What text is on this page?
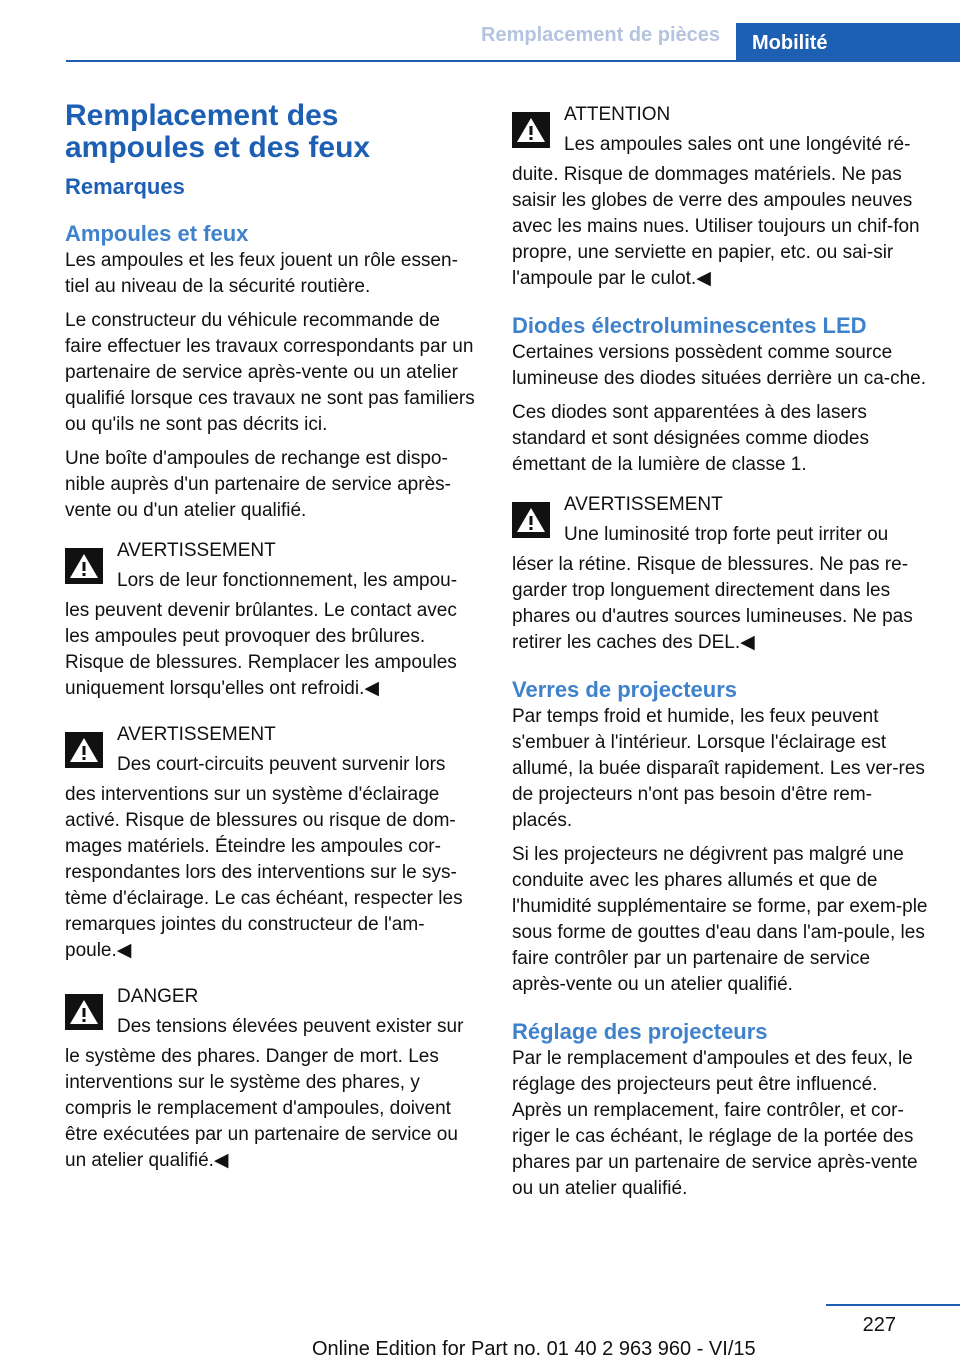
Remplacement de pièces	Mobilité
Remplacement des ampoules et des feux
Remarques
Ampoules et feux

Les ampoules et les feux jouent un rôle essen-tiel au niveau de la sécurité routière.

Le constructeur du véhicule recommande de faire effectuer les travaux correspondants par un partenaire de service après-vente ou un atelier qualifié lorsque ces travaux ne sont pas familiers ou qu'ils ne sont pas décrits ici.

Une boîte d'ampoules de rechange est dispo-nible auprès d'un partenaire de service après-vente ou d'un atelier qualifié.

AVERTISSEMENT
Lors de leur fonctionnement, les ampou-
les peuvent devenir brûlantes. Le contact avec les ampoules peut provoquer des brûlures. Risque de blessures. Remplacer les ampoules uniquement lorsqu'elles ont refroidi.◀
AVERTISSEMENT
Des court-circuits peuvent survenir lors
des interventions sur un système d'éclairage activé. Risque de blessures ou risque de dom-mages matériels. Éteindre les ampoules cor-respondantes lors des interventions sur le sys-tème d'éclairage. Le cas échéant, respecter les remarques jointes du constructeur de l'am-poule.◀
DANGER
Des tensions élevées peuvent exister sur
le système des phares. Danger de mort. Les interventions sur le système des phares, y compris le remplacement d'ampoules, doivent être exécutées par un partenaire de service ou un atelier qualifié.◀
ATTENTION
Les ampoules sales ont une longévité ré-
duite. Risque de dommages matériels. Ne pas saisir les globes de verre des ampoules neuves avec les mains nues. Utiliser toujours un chif-fon propre, une serviette en papier, etc. ou sai-sir l'ampoule par le culot.◀
Diodes électroluminescentes LED

Certaines versions possèdent comme source lumineuse des diodes situées derrière un ca-che.

Ces diodes sont apparentées à des lasers standard et sont désignées comme diodes émettant de la lumière de classe 1.

AVERTISSEMENT
Une luminosité trop forte peut irriter ou
léser la rétine. Risque de blessures. Ne pas re-garder trop longuement directement dans les phares ou d'autres sources lumineuses. Ne pas retirer les caches des DEL.◀
Verres de projecteurs

Par temps froid et humide, les feux peuvent s'embuer à l'intérieur. Lorsque l'éclairage est allumé, la buée disparaît rapidement. Les ver-res de projecteurs n'ont pas besoin d'être rem-placés.

Si les projecteurs ne dégivrent pas malgré une conduite avec les phares allumés et que de l'humidité supplémentaire se forme, par exem-ple sous forme de gouttes d'eau dans l'am-poule, les faire contrôler par un partenaire de service après-vente ou un atelier qualifié.

Réglage des projecteurs

Par le remplacement d'ampoules et des feux, le réglage des projecteurs peut être influencé. Après un remplacement, faire contrôler, et cor-riger le cas échéant, le réglage de la portée des phares par un partenaire de service après-vente ou un atelier qualifié.

227
Online Edition for Part no. 01 40 2 963 960 - VI/15
